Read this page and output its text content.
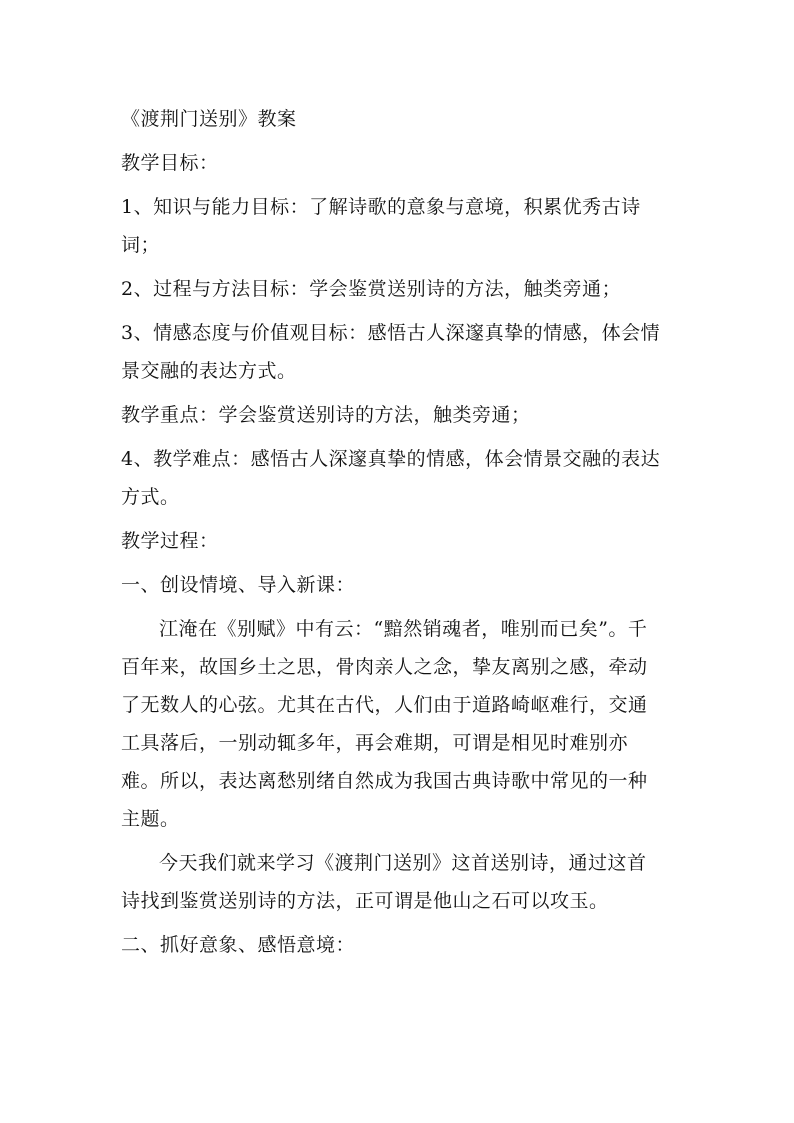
《渡荆门送别》教案

教学目标：

1、知识与能力目标：了解诗歌的意象与意境，积累优秀古诗词；

2、过程与方法目标：学会鉴赏送别诗的方法，触类旁通；

3、情感态度与价值观目标：感悟古人深邃真挚的情感，体会情景交融的表达方式。

教学重点：学会鉴赏送别诗的方法，触类旁通；

4、教学难点：感悟古人深邃真挚的情感，体会情景交融的表达方式。

教学过程：

一、创设情境、导入新课：

江淹在《别赋》中有云：“黯然销魂者，唯别而已矣”。千百年来，故国乡土之思，骨肉亲人之念，挚友离别之感，牵动了无数人的心弦。尤其在古代，人们由于道路崎岖难行，交通工具落后，一别动辄多年，再会难期，可谓是相见时难别亦难。所以，表达离愁别绪自然成为我国古典诗歌中常见的一种主题。

今天我们就来学习《渡荆门送别》这首送别诗，通过这首诗找到鉴赏送别诗的方法，正可谓是他山之石可以攻玉。

二、抓好意象、感悟意境：
